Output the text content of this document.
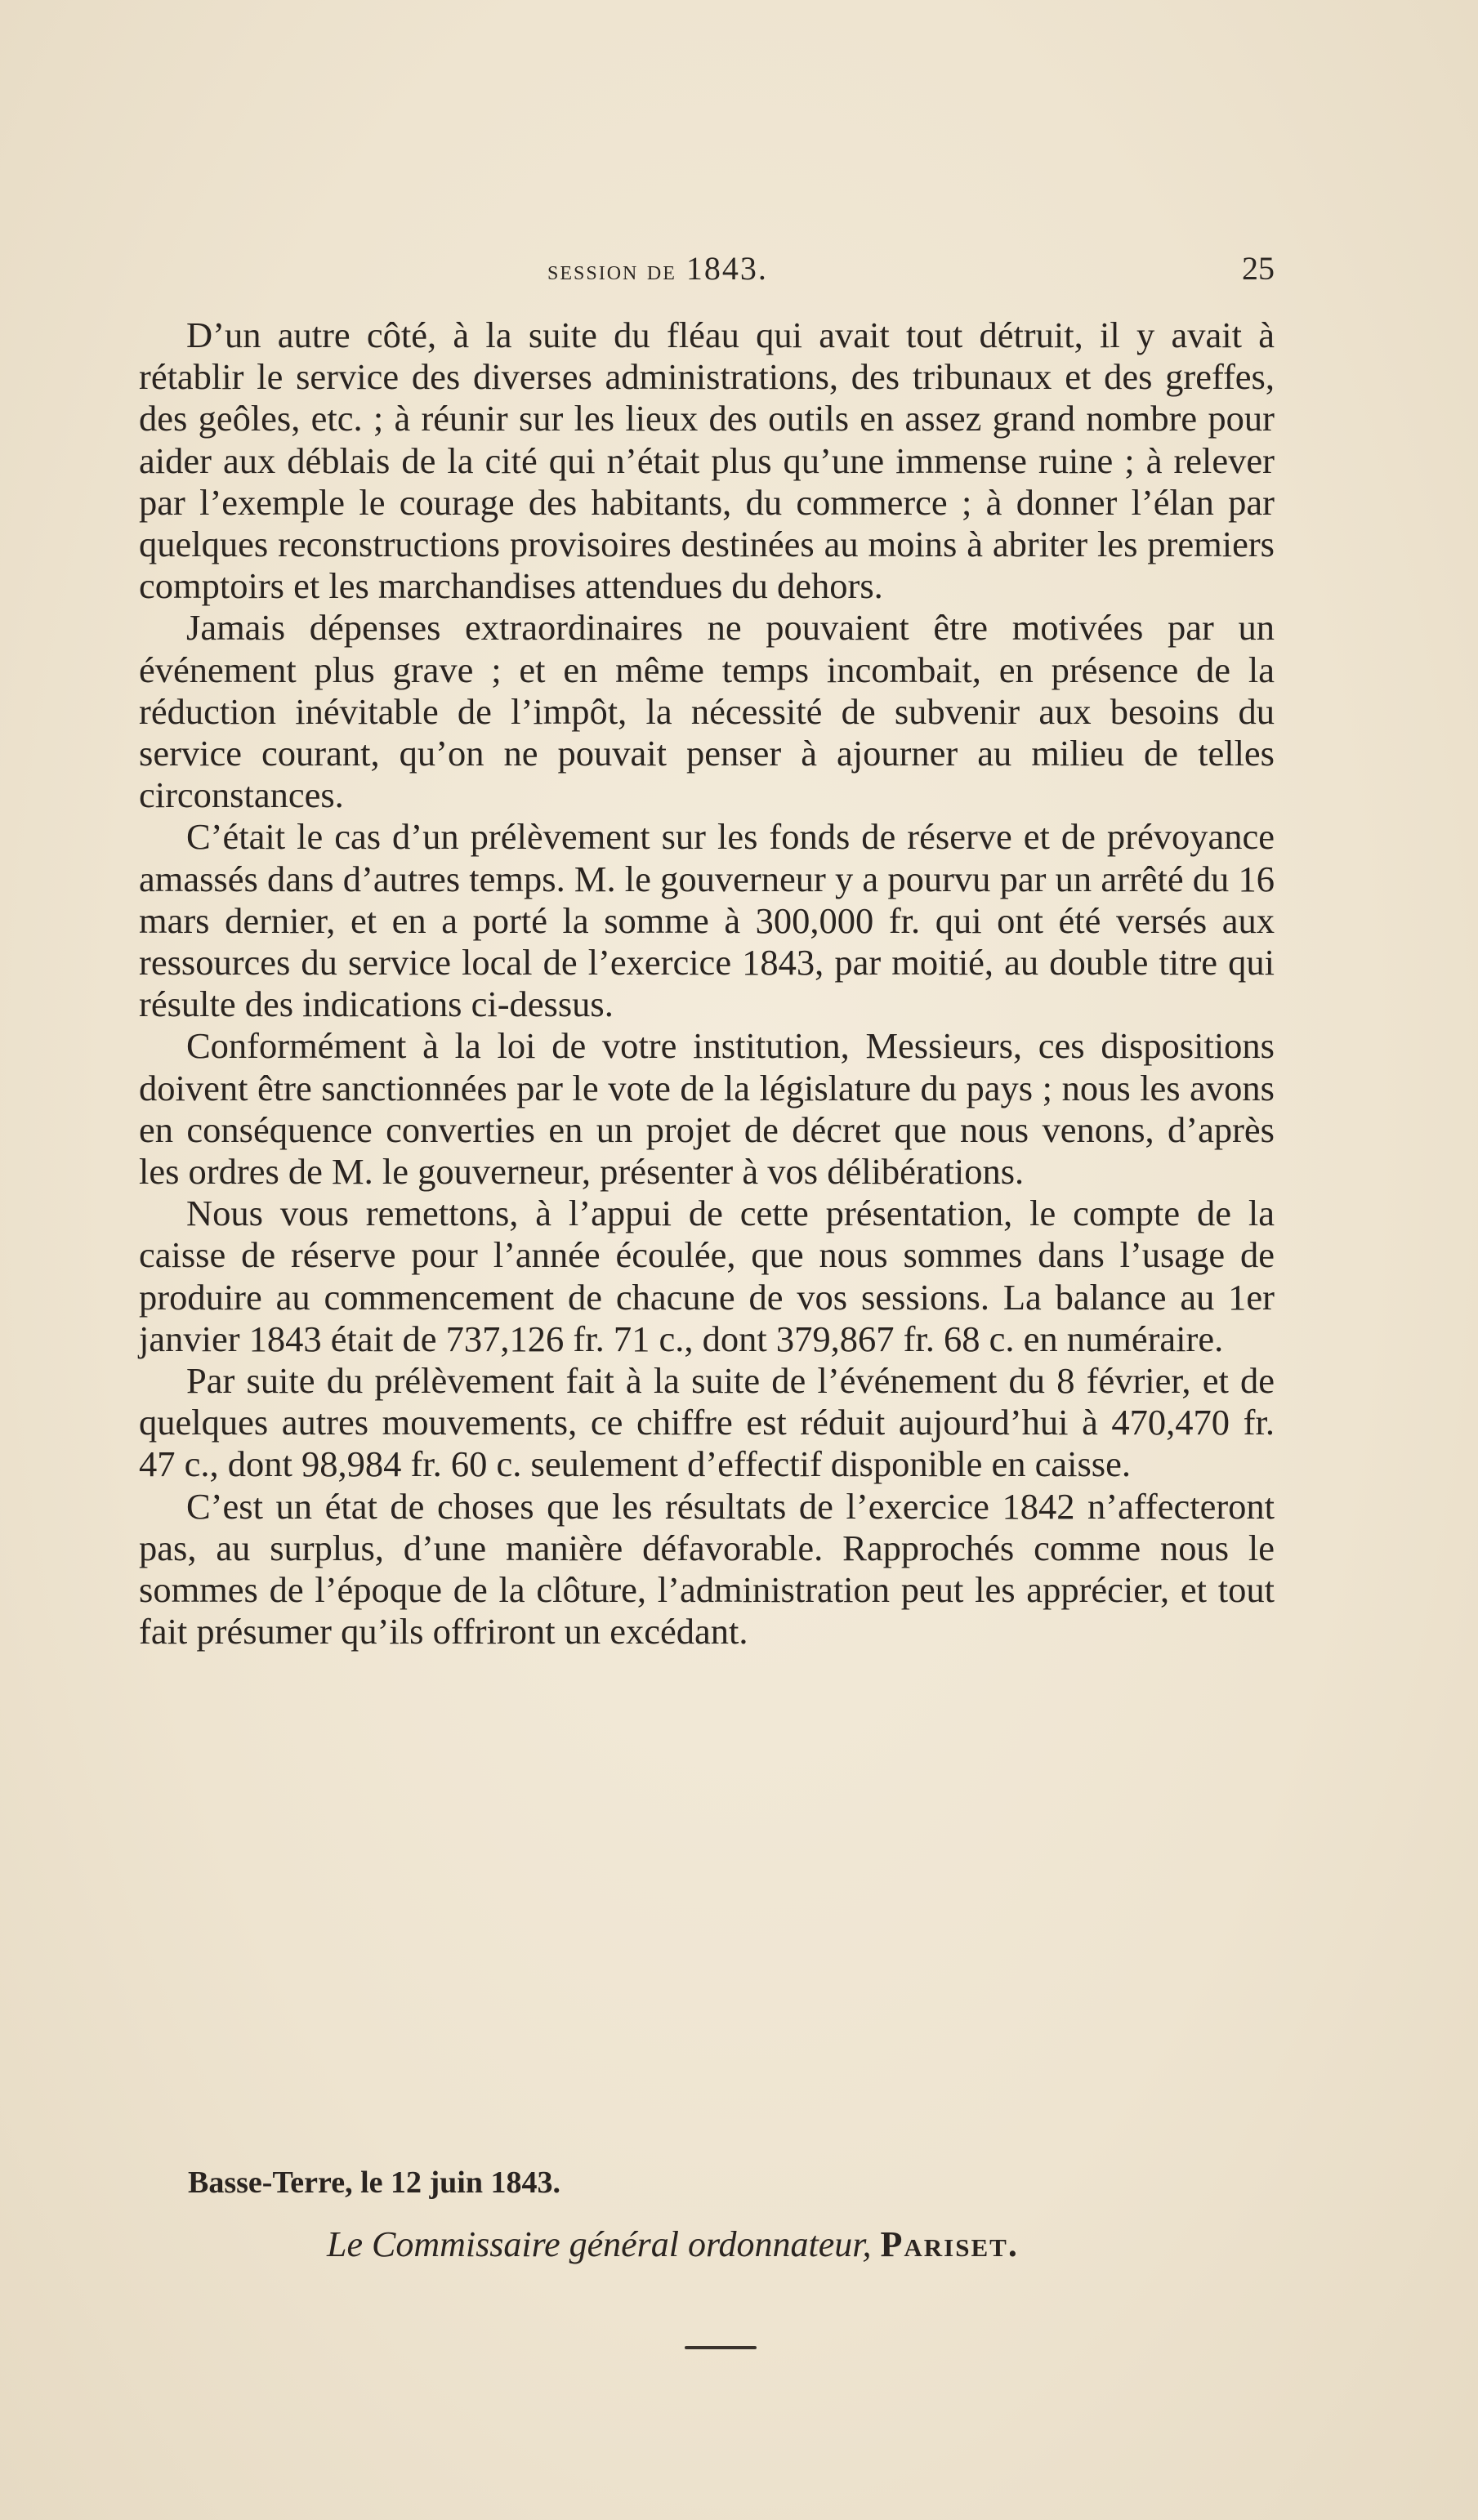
session de 1843.	25

D’un autre côté, à la suite du fléau qui avait tout détruit, il y avait à rétablir le service des diverses administrations, des tribunaux et des greffes, des geôles, etc. ; à réunir sur les lieux des outils en assez grand nombre pour aider aux déblais de la cité qui n’était plus qu’une immense ruine ; à relever par l’exemple le courage des habitants, du commerce ; à donner l’élan par quelques reconstructions provisoires destinées au moins à abriter les premiers comptoirs et les marchandises attendues du dehors.

Jamais dépenses extraordinaires ne pouvaient être motivées par un événement plus grave ; et en même temps incombait, en présence de la réduction inévitable de l’impôt, la nécessité de subvenir aux besoins du service courant, qu’on ne pouvait penser à ajourner au milieu de telles circonstances.

C’était le cas d’un prélèvement sur les fonds de réserve et de prévoyance amassés dans d’autres temps. M. le gouverneur y a pourvu par un arrêté du 16 mars dernier, et en a porté la somme à 300,000 fr. qui ont été versés aux ressources du service local de l’exercice 1843, par moitié, au double titre qui résulte des indications ci-dessus.

Conformément à la loi de votre institution, Messieurs, ces dispositions doivent être sanctionnées par le vote de la législature du pays ; nous les avons en conséquence converties en un projet de décret que nous venons, d’après les ordres de M. le gouverneur, présenter à vos délibérations.

Nous vous remettons, à l’appui de cette présentation, le compte de la caisse de réserve pour l’année écoulée, que nous sommes dans l’usage de produire au commencement de chacune de vos sessions. La balance au 1er janvier 1843 était de 737,126 fr. 71 c., dont 379,867 fr. 68 c. en numéraire.

Par suite du prélèvement fait à la suite de l’événement du 8 février, et de quelques autres mouvements, ce chiffre est réduit aujourd’hui à 470,470 fr. 47 c., dont 98,984 fr. 60 c. seulement d’effectif disponible en caisse.

C’est un état de choses que les résultats de l’exercice 1842 n’affecteront pas, au surplus, d’une manière défavorable. Rapprochés comme nous le sommes de l’époque de la clôture, l’administration peut les apprécier, et tout fait présumer qu’ils offriront un excédant.

Basse-Terre, le 12 juin 1843.
Le Commissaire général ordonnateur, Pariset.
